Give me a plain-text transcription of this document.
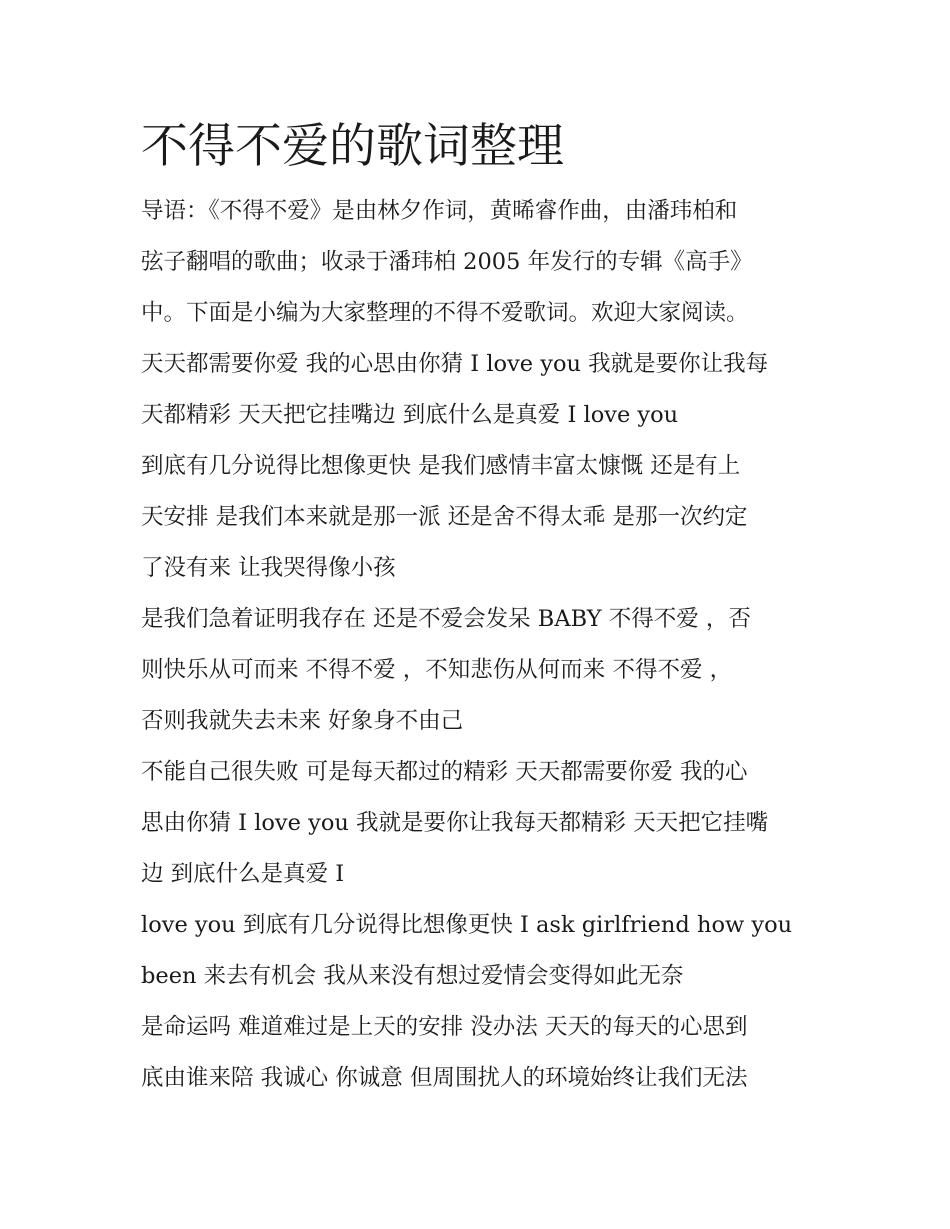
不得不爱的歌词整理

导语：《不得不爱》是由林夕作词，黄晞睿作曲，由潘玮柏和

弦子翻唱的歌曲；收录于潘玮柏 2005 年发行的专辑《高手》

中。下面是小编为大家整理的不得不爱歌词。欢迎大家阅读。

天天都需要你爱 我的心思由你猜 I love you 我就是要你让我每

天都精彩 天天把它挂嘴边 到底什么是真爱 I love you

到底有几分说得比想像更快 是我们感情丰富太慷慨 还是有上

天安排 是我们本来就是那一派 还是舍不得太乖 是那一次约定

了没有来 让我哭得像小孩

是我们急着证明我存在 还是不爱会发呆 BABY 不得不爱 ，否

则快乐从可而来 不得不爱 ，不知悲伤从何而来 不得不爱 ，

否则我就失去未来 好象身不由己

不能自己很失败 可是每天都过的精彩 天天都需要你爱 我的心

思由你猜 I love you 我就是要你让我每天都精彩 天天把它挂嘴

边 到底什么是真爱 I

love you 到底有几分说得比想像更快 I ask girlfriend how you

been 来去有机会 我从来没有想过爱情会变得如此无奈

是命运吗 难道难过是上天的安排 没办法 天天的每天的心思到

底由谁来陪 我诚心 你诚意 但周围扰人的环境始终让我们无法
